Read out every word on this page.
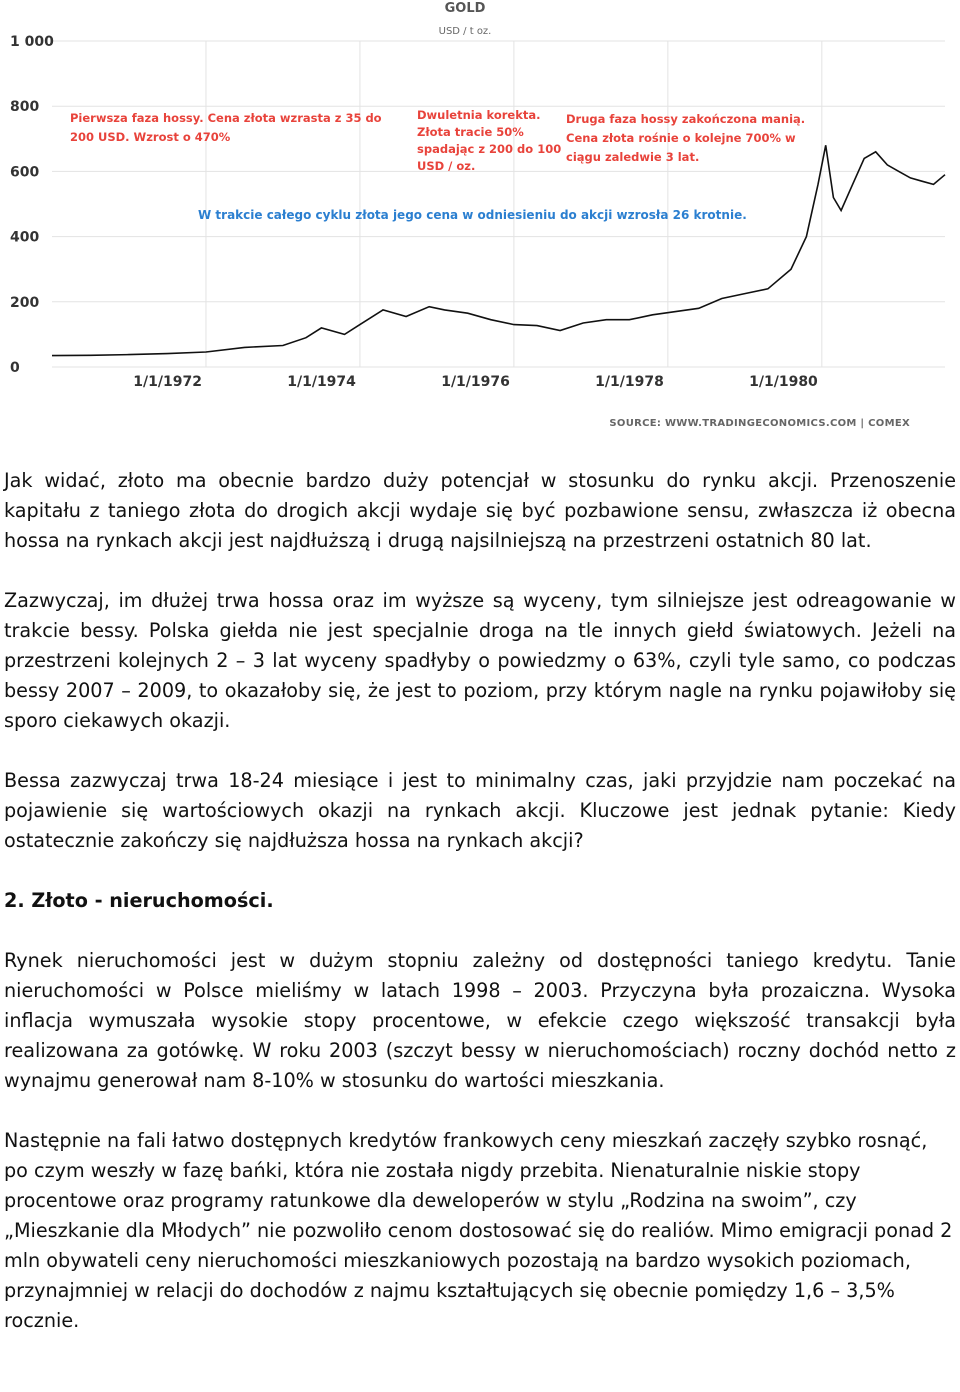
GOLD
USD / t oz.
0
200
400
600
800
1 000
1/1/1972	1/1/1974	1/1/1976	1/1/1978	1/1/1980
Pierwsza faza hossy. Cena złota wzrasta z 35 do
200 USD. Wzrost o 470%
Dwuletnia korekta.
Złota tracie 50%
spadając z 200 do 100
USD / oz.
Druga faza hossy zakończona manią.
Cena złota rośnie o kolejne 700% w
ciągu zaledwie 3 lat.
W trakcie całego cyklu złota jego cena w odniesieniu do akcji wzrosła 26 krotnie.
SOURCE: WWW.TRADINGECONOMICS.COM | COMEX

Jak widać, złoto ma obecnie bardzo duży potencjał w stosunku do rynku akcji. Przenoszenie kapitału z taniego złota do drogich akcji wydaje się być pozbawione sensu, zwłaszcza iż obecna hossa na rynkach akcji jest najdłuższą i drugą najsilniejszą na przestrzeni ostatnich 80 lat.

Zazwyczaj, im dłużej trwa hossa oraz im wyższe są wyceny, tym silniejsze jest odreagowanie w trakcie bessy. Polska giełda nie jest specjalnie droga na tle innych giełd światowych. Jeżeli na przestrzeni kolejnych 2 – 3 lat wyceny spadłyby o powiedzmy o 63%, czyli tyle samo, co podczas bessy 2007 – 2009, to okazałoby się, że jest to poziom, przy którym nagle na rynku pojawiłoby się sporo ciekawych okazji.

Bessa zazwyczaj trwa 18-24 miesiące i jest to minimalny czas, jaki przyjdzie nam poczekać na pojawienie się wartościowych okazji na rynkach akcji. Kluczowe jest jednak pytanie: Kiedy ostatecznie zakończy się najdłuższa hossa na rynkach akcji?

2. Złoto - nieruchomości.

Rynek nieruchomości jest w dużym stopniu zależny od dostępności taniego kredytu. Tanie nieruchomości w Polsce mieliśmy w latach 1998 – 2003. Przyczyna była prozaiczna. Wysoka inflacja wymuszała wysokie stopy procentowe, w efekcie czego większość transakcji była realizowana za gotówkę. W roku 2003 (szczyt bessy w nieruchomościach) roczny dochód netto z wynajmu generował nam 8-10% w stosunku do wartości mieszkania.

Następnie na fali łatwo dostępnych kredytów frankowych ceny mieszkań zaczęły szybko rosnąć, po czym weszły w fazę bańki, która nie została nigdy przebita. Nienaturalnie niskie stopy procentowe oraz programy ratunkowe dla deweloperów w stylu „Rodzina na swoim”, czy „Mieszkanie dla Młodych” nie pozwoliło cenom dostosować się do realiów. Mimo emigracji ponad 2 mln obywateli ceny nieruchomości mieszkaniowych pozostają na bardzo wysokich poziomach, przynajmniej w relacji do dochodów z najmu kształtujących się obecnie pomiędzy 1,6 – 3,5% rocznie.
